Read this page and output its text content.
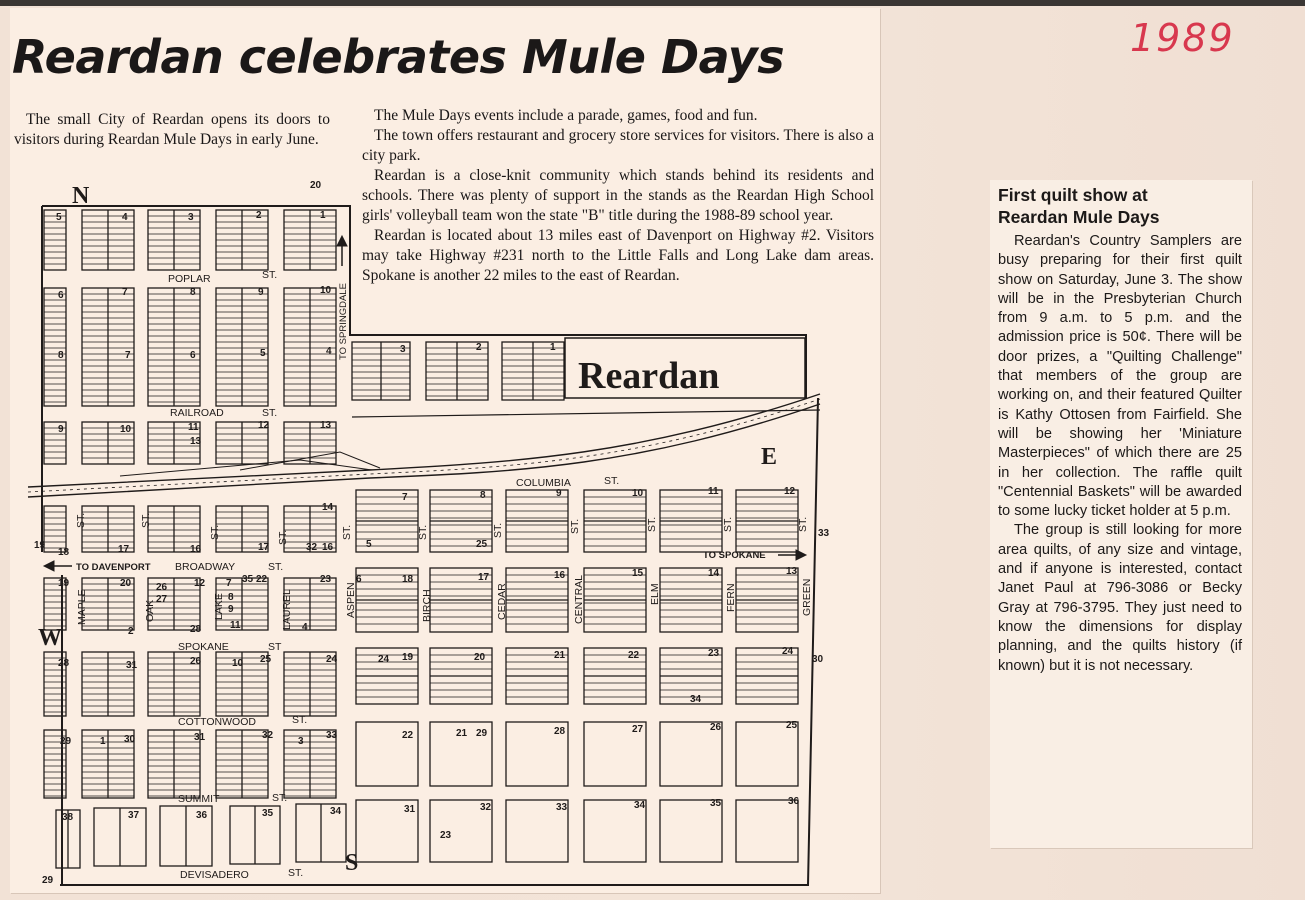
1989
Reardan celebrates Mule Days

The small City of Reardan opens its doors to visitors during Reardan Mule Days in early June.

The Mule Days events include a parade, games, food and fun.

The town offers restaurant and grocery store services for visitors. There is also a city park.

Reardan is a close-knit community which stands behind its residents and schools. There was plenty of support in the stands as the Reardan High School girls' volleyball team won the state "B" title during the 1988-89 school year.

Reardan is located about 13 miles east of Davenport on Highway #2. Visitors may take Highway #231 north to the Little Falls and Long Lake dam areas. Spokane is another 22 miles to the east of Reardan.

Reardan
N
E
S
W
POPLAR	ST.
RAILROAD	ST.
COLUMBIA	ST.
BROADWAY	ST.
SPOKANE	ST
COTTONWOOD	ST.
SUMMIT	ST.
DEVISADERO	ST.
MAPLE
ST.
OAK
ST.
LAKE
ST.
LAUREL
ST.
ASPEN
ST.
BIRCH
ST.
CEDAR
ST.
CENTRAL
ST.
ELM
ST.
FERN
ST.
GREEN
ST.
TO SPRINGDALE
TO DAVENPORT
TO SPOKANE
5	4	3	2	1
6	7	8	9	10
8	7	6	5	4	3	2	1
9	10	11
13
12	13
7	8	9	10	11	12
14
32 16
17
16
17
18
19	5	25
33
20
19	20 26
27
12 7
8
9
35 22	23 6	18	17	16	15	14	13
2	28	11	4
28	31	26	10 25	24	24 19	20	21	22	23	24
30
34
29	1 30	31	32
3
33	22	21 29	28	27	26	25
38	37	36	35	34	31	32	33	34	35	36
23
29
First quilt show at
Reardan Mule Days

Reardan's Country Samplers are busy preparing for their first quilt show on Saturday, June 3. The show will be in the Presbyterian Church from 9 a.m. to 5 p.m. and the admission price is 50¢. There will be door prizes, a "Quilting Challenge" that members of the group are working on, and their featured Quilter is Kathy Ottosen from Fairfield. She will be showing her 'Miniature Masterpieces" of which there are 25 in her collection. The raffle quilt "Centennial Baskets" will be awarded to some lucky ticket holder at 5 p.m.

The group is still looking for more area quilts, of any size and vintage, and if anyone is interested, contact Janet Paul at 796-3086 or Becky Gray at 796-3795. They just need to know the dimensions for display planning, and the quilts history (if known) but it is not necessary.
